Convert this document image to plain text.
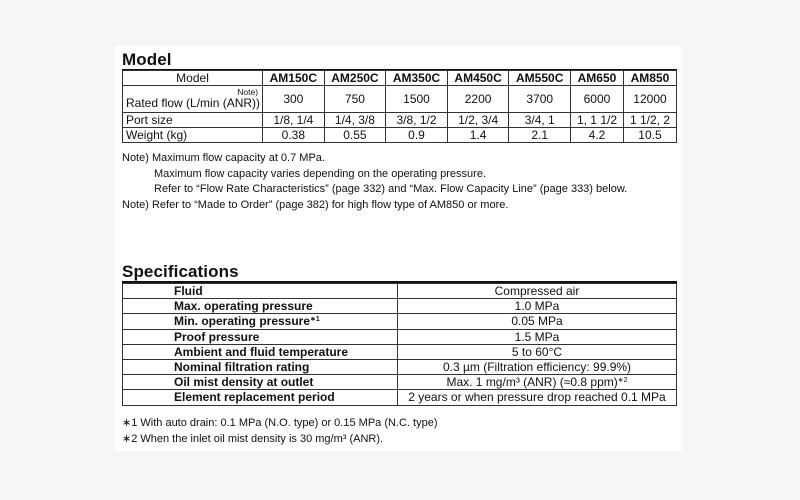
Model
Model	AM150C	AM250C	AM350C	AM450C	AM550C	AM650	AM850

Note)
Rated flow (L/min (ANR))	300	750	1500	2200	3700	6000	12000
Port size	1/8, 1/4	1/4, 3/8	3/8, 1/2	1/2, 3/4	3/4, 1	1, 1 1/2	1 1/2, 2
Weight (kg)	0.38	0.55	0.9	1.4	2.1	4.2	10.5
Note) Maximum flow capacity at 0.7 MPa.
Maximum flow capacity varies depending on the operating pressure.
Refer to “Flow Rate Characteristics” (page 332) and “Max. Flow Capacity Line” (page 333) below.
Note) Refer to “Made to Order” (page 382) for high flow type of AM850 or more.
Specifications
Fluid	Compressed air
Max. operating pressure	1.0 MPa
Min. operating pressure$^{∗1}$	0.05 MPa
Proof pressure	1.5 MPa
Ambient and fluid temperature	5 to 60°C
Nominal filtration rating	0.3 µm (Filtration efficiency: 99.9%)
Oil mist density at outlet	Max. 1 mg/m³ (ANR) (≈0.8 ppm)$^{∗2}$
Element replacement period	2 years or when pressure drop reached 0.1 MPa
∗1 With auto drain: 0.1 MPa (N.O. type) or 0.15 MPa (N.C. type)
∗2 When the inlet oil mist density is 30 mg/m³ (ANR).
